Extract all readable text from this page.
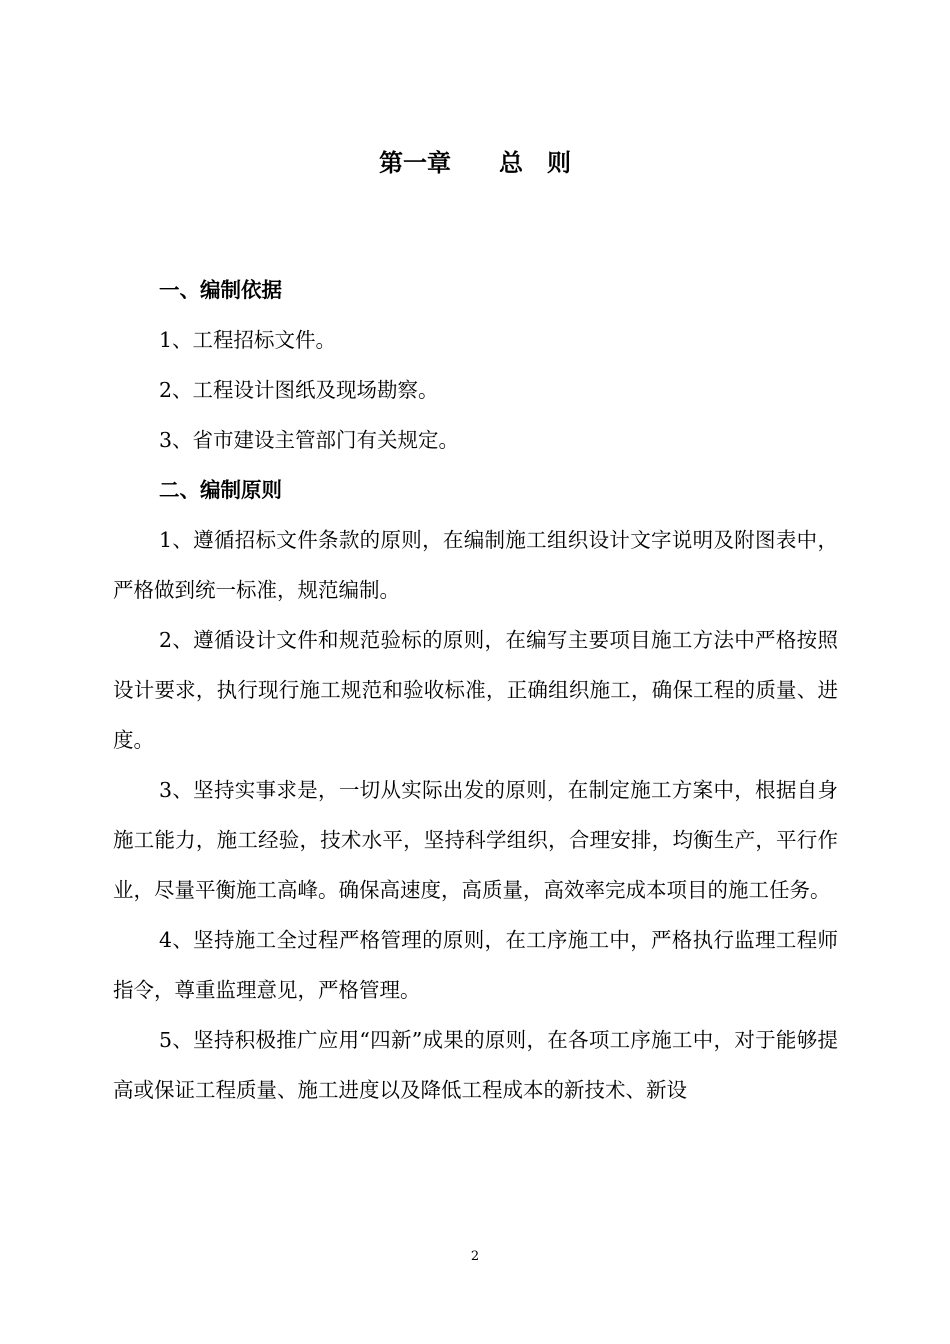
第一章　　总　则

一、编制依据

1、工程招标文件。

2、工程设计图纸及现场勘察。

3、省市建设主管部门有关规定。

二、编制原则

1、遵循招标文件条款的原则，在编制施工组织设计文字说明及附图表中，严格做到统一标准，规范编制。

2、遵循设计文件和规范验标的原则，在编写主要项目施工方法中严格按照设计要求，执行现行施工规范和验收标准，正确组织施工，确保工程的质量、进度。

3、坚持实事求是，一切从实际出发的原则，在制定施工方案中，根据自身施工能力，施工经验，技术水平，坚持科学组织，合理安排，均衡生产，平行作业，尽量平衡施工高峰。确保高速度，高质量，高效率完成本项目的施工任务。

4、坚持施工全过程严格管理的原则，在工序施工中，严格执行监理工程师指令，尊重监理意见，严格管理。

5、坚持积极推广应用“四新”成果的原则，在各项工序施工中，对于能够提高或保证工程质量、施工进度以及降低工程成本的新技术、新设

2
